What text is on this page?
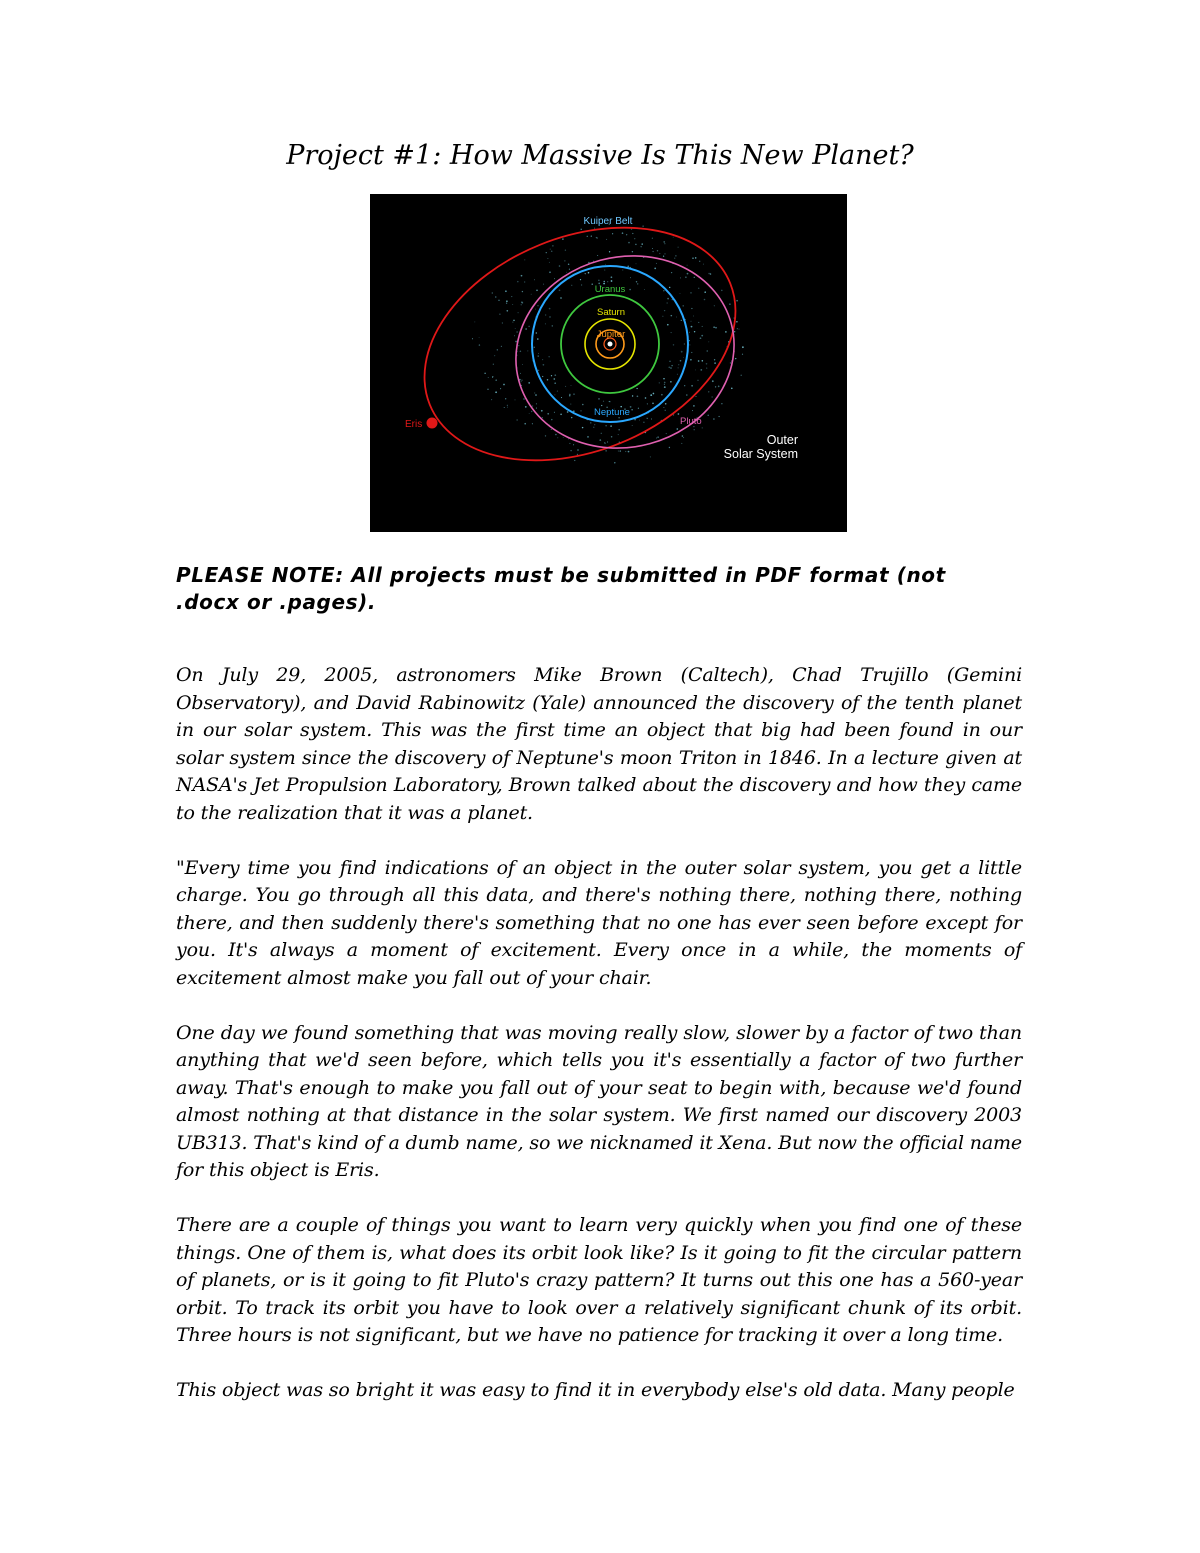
Project #1: How Massive Is This New Planet?
Kuiper Belt
Uranus
Saturn
Jupiter
Neptune
Pluto
Eris
Outer
Solar System

PLEASE NOTE: All projects must be submitted in PDF format (not .docx or .pages).

On July 29, 2005, astronomers Mike Brown (Caltech), Chad Trujillo (Gemini Observatory), and David Rabinowitz (Yale) announced the discovery of the tenth planet in our solar system. This was the first time an object that big had been found in our solar system since the discovery of Neptune's moon Triton in 1846. In a lecture given at NASA's Jet Propulsion Laboratory, Brown talked about the discovery and how they came to the realization that it was a planet.

"Every time you find indications of an object in the outer solar system, you get a little charge. You go through all this data, and there's nothing there, nothing there, nothing there, and then suddenly there's something that no one has ever seen before except for you. It's always a moment of excitement. Every once in a while, the moments of excitement almost make you fall out of your chair.

One day we found something that was moving really slow, slower by a factor of two than anything that we'd seen before, which tells you it's essentially a factor of two further away. That's enough to make you fall out of your seat to begin with, because we'd found almost nothing at that distance in the solar system. We first named our discovery 2003 UB313. That's kind of a dumb name, so we nicknamed it Xena. But now the official name for this object is Eris.

There are a couple of things you want to learn very quickly when you find one of these things. One of them is, what does its orbit look like? Is it going to fit the circular pattern of planets, or is it going to fit Pluto's crazy pattern? It turns out this one has a 560-year orbit. To track its orbit you have to look over a relatively significant chunk of its orbit. Three hours is not significant, but we have no patience for tracking it over a long time.

This object was so bright it was easy to find it in everybody else's old data. Many people
